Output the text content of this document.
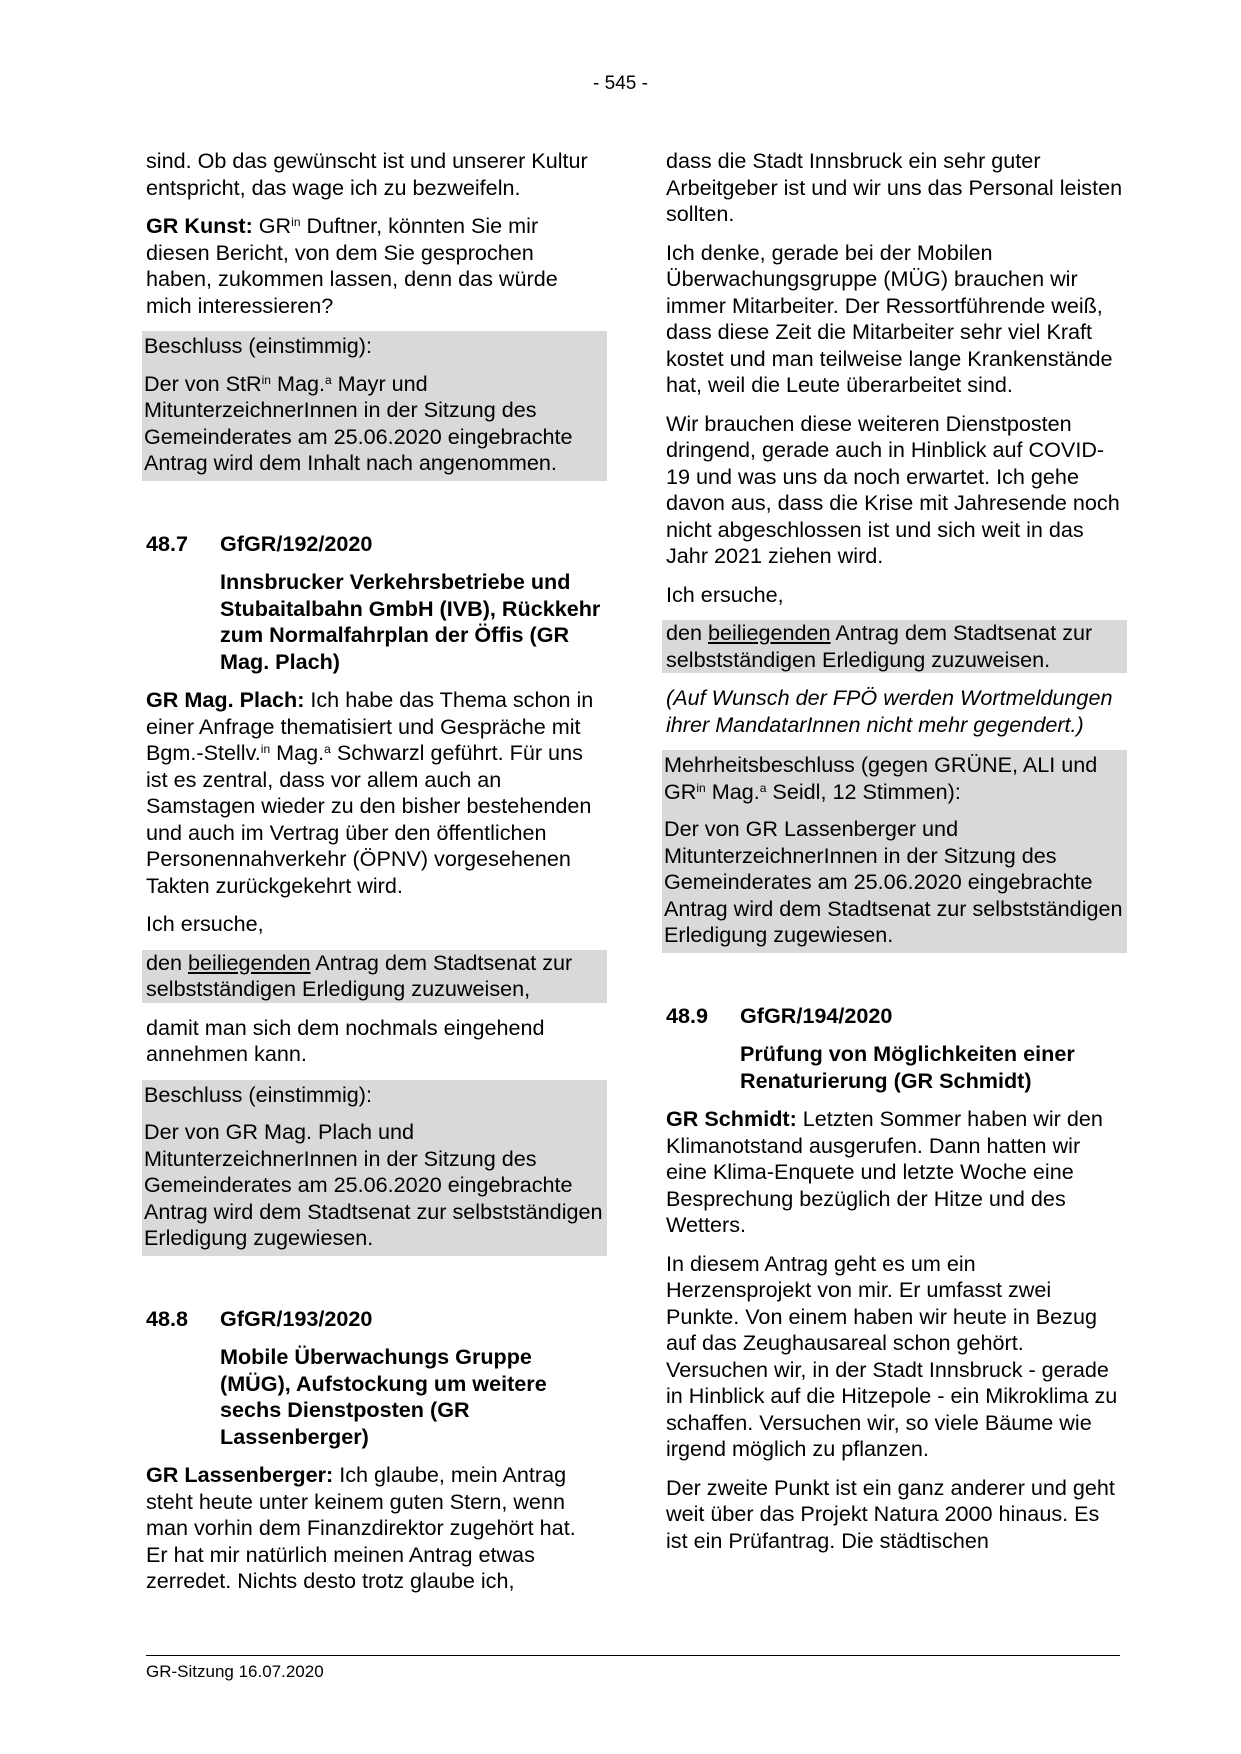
- 545 -

sind. Ob das gewünscht ist und unserer Kultur entspricht, das wage ich zu bezweifeln.

GR Kunst: $GR^{in}$ Duftner, könnten Sie mir diesen Bericht, von dem Sie gesprochen haben, zukommen lassen, denn das würde mich interessieren?

Beschluss (einstimmig):

Der von StR$^{in}$ Mag.$^a$ Mayr und MitunterzeichnerInnen in der Sitzung des Gemeinderates am 25.06.2020 eingebrachte Antrag wird dem Inhalt nach angenommen.

48.7	GfGR/192/2020
Innsbrucker Verkehrsbetriebe und Stubaitalbahn GmbH (IVB), Rückkehr zum Normalfahrplan der Öffis (GR Mag. Plach)

GR Mag. Plach: Ich habe das Thema schon in einer Anfrage thematisiert und Gespräche mit Bgm.-Stellv.$^{in}$ Mag.$^a$ Schwarzl geführt. Für uns ist es zentral, dass vor allem auch an Samstagen wieder zu den bisher bestehenden und auch im Vertrag über den öffentlichen Personennahverkehr (ÖPNV) vorgesehenen Takten zurückgekehrt wird.

Ich ersuche,

den beiliegenden Antrag dem Stadtsenat zur selbstständigen Erledigung zuzuweisen,

damit man sich dem nochmals eingehend annehmen kann.

Beschluss (einstimmig):

Der von GR Mag. Plach und MitunterzeichnerInnen in der Sitzung des Gemeinderates am 25.06.2020 eingebrachte Antrag wird dem Stadtsenat zur selbstständigen Erledigung zugewiesen.

48.8	GfGR/193/2020
Mobile Überwachungs Gruppe (MÜG), Aufstockung um weitere sechs Dienstposten (GR Lassenberger)

GR Lassenberger: Ich glaube, mein Antrag steht heute unter keinem guten Stern, wenn man vorhin dem Finanzdirektor zugehört hat. Er hat mir natürlich meinen Antrag etwas zerredet. Nichts desto trotz glaube ich,

dass die Stadt Innsbruck ein sehr guter Arbeitgeber ist und wir uns das Personal leisten sollten.

Ich denke, gerade bei der Mobilen Überwachungsgruppe (MÜG) brauchen wir immer Mitarbeiter. Der Ressortführende weiß, dass diese Zeit die Mitarbeiter sehr viel Kraft kostet und man teilweise lange Krankenstände hat, weil die Leute überarbeitet sind.

Wir brauchen diese weiteren Dienstposten dringend, gerade auch in Hinblick auf COVID-19 und was uns da noch erwartet. Ich gehe davon aus, dass die Krise mit Jahresende noch nicht abgeschlossen ist und sich weit in das Jahr 2021 ziehen wird.

Ich ersuche,

den beiliegenden Antrag dem Stadtsenat zur selbstständigen Erledigung zuzuweisen.

(Auf Wunsch der FPÖ werden Wortmeldungen ihrer MandatarInnen nicht mehr gegendert.)

Mehrheitsbeschluss (gegen GRÜNE, ALI und $GR^{in}$ Mag.$^a$ Seidl, 12 Stimmen):

Der von GR Lassenberger und MitunterzeichnerInnen in der Sitzung des Gemeinderates am 25.06.2020 eingebrachte Antrag wird dem Stadtsenat zur selbstständigen Erledigung zugewiesen.

48.9	GfGR/194/2020
Prüfung von Möglichkeiten einer Renaturierung (GR Schmidt)

GR Schmidt: Letzten Sommer haben wir den Klimanotstand ausgerufen. Dann hatten wir eine Klima-Enquete und letzte Woche eine Besprechung bezüglich der Hitze und des Wetters.

In diesem Antrag geht es um ein Herzensprojekt von mir. Er umfasst zwei Punkte. Von einem haben wir heute in Bezug auf das Zeughausareal schon gehört. Versuchen wir, in der Stadt Innsbruck - gerade in Hinblick auf die Hitzepole - ein Mikroklima zu schaffen. Versuchen wir, so viele Bäume wie irgend möglich zu pflanzen.

Der zweite Punkt ist ein ganz anderer und geht weit über das Projekt Natura 2000 hinaus. Es ist ein Prüfantrag. Die städtischen

GR-Sitzung 16.07.2020
